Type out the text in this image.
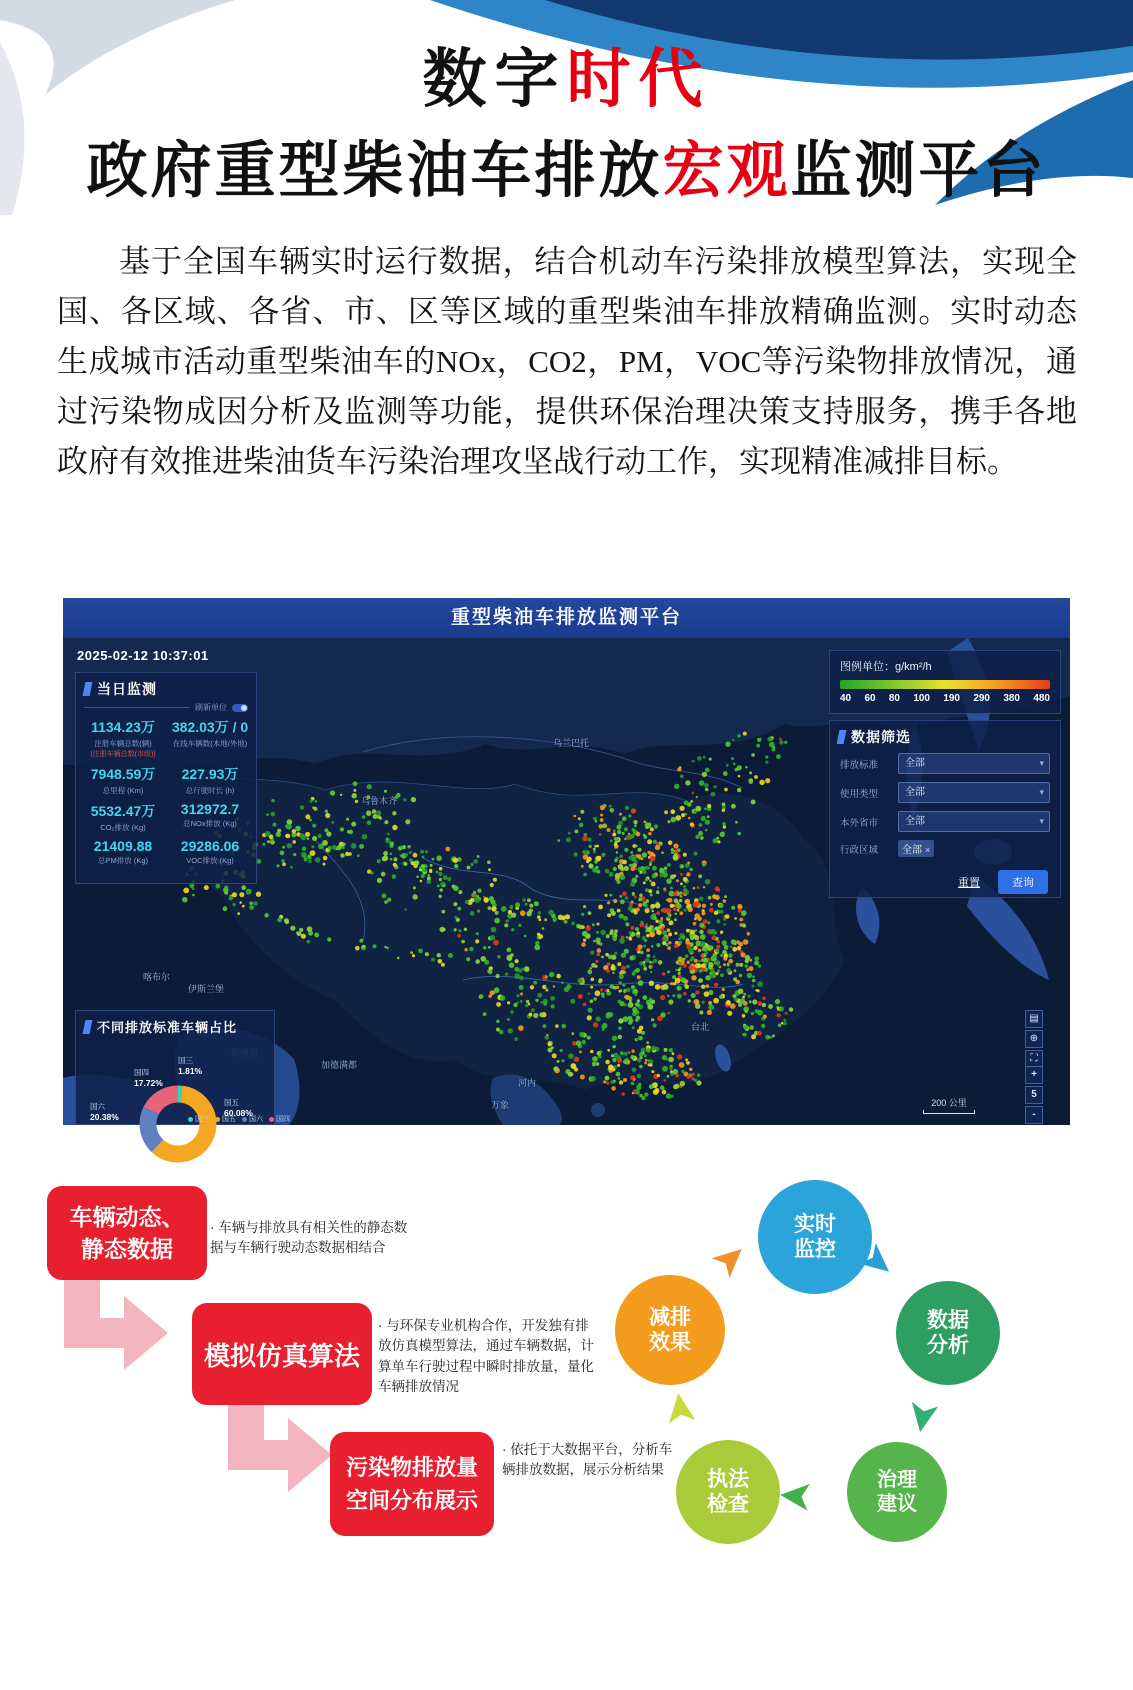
数字时代
政府重型柴油车排放宏观监测平台
基于全国车辆实时运行数据，结合机动车污染排放模型算法，实现全国、各区域、各省、市、区等区域的重型柴油车排放精确监测。实时动态生成城市活动重型柴油车的NOx，CO2，PM，VOC等污染物排放情况，通过污染物成因分析及监测等功能，提供环保治理决策支持服务，携手各地政府有效推进柴油货车污染治理攻坚战行动工作，实现精准减排目标。
重型柴油车排放监测平台
乌兰巴托
乌鲁木齐
喀布尔
伊斯兰堡
加德满都
台北
河内
万象
2025-02-12 10:37:01
当日监测
刷新单位
1134.23万
注册车辆总数(辆)
(注册车辆总数(市级))
382.03万 / 0
在线车辆数(本地/外地)
7948.59万
总里程 (Km)
227.93万
总行驶时长 (h)
5532.47万
CO₂排放 (Kg)
312972.7
总NOx排放 (Kg)
21409.88
总PM排放 (Kg)
29286.06
VOC排放 (Kg)
不同排放标准车辆占比
国三	国五	国六	国四
国三
1.81%
国五
60.08%
国六
20.38%
国四
17.72%
图例单位：g/km²/h
40 60 80 100 190 290 380 480
数据筛选
排放标准	全部 ▾
使用类型	全部 ▾
本外省市	全部 ▾
行政区域	全部 ×
重置	查询
▤
⊕
⛶
+
5
-
200 公里
车辆动态、静态数据
· 车辆与排放具有相关性的静态数据与车辆行驶动态数据相结合
模拟仿真算法
· 与环保专业机构合作，开发独有排放仿真模型算法，通过车辆数据，计算单车行驶过程中瞬时排放量，量化车辆排放情况
污染物排放量
空间分布展示
· 依托于大数据平台，分析车辆排放数据，展示分析结果
实时监控
数据分析
治理建议
执法检查
减排效果
➤
➤
➤
➤
➤
